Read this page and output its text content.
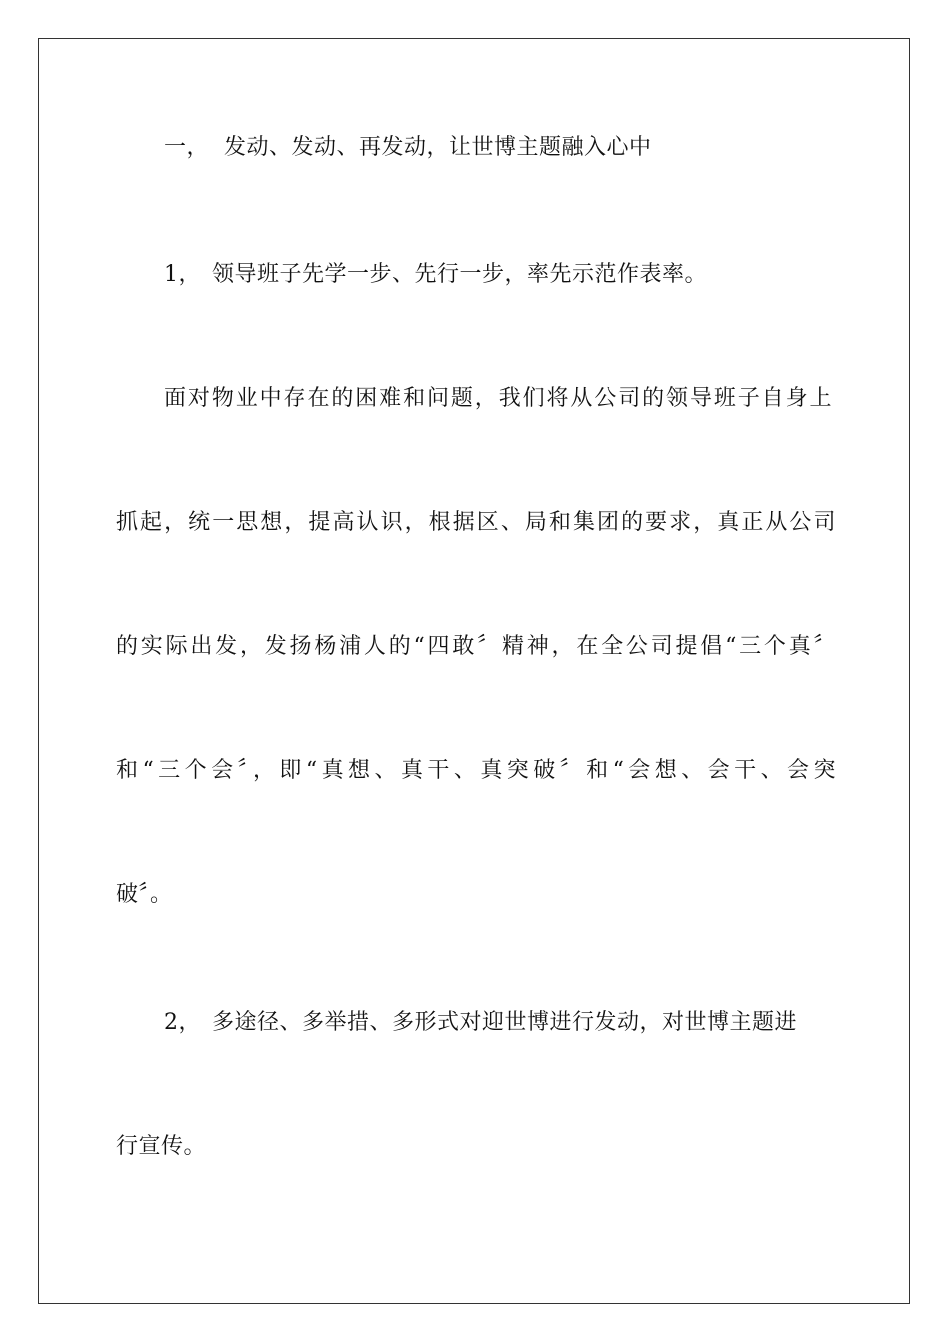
一， 发动、发动、再发动，让世博主题融入心中
1， 领导班子先学一步、先行一步，率先示范作表率。
面对物业中存在的困难和问题，我们将从公司的领导班子自身上
抓起，统一思想，提高认识，根据区、局和集团的要求，真正从公司
的实际出发，发扬杨浦人的“四敢〞精神，在全公司提倡“三个真〞
和“三个会〞，即“真想、真干、真突破〞和“会想、会干、会突
破〞。
2， 多途径、多举措、多形式对迎世博进行发动，对世博主题进
行宣传。
